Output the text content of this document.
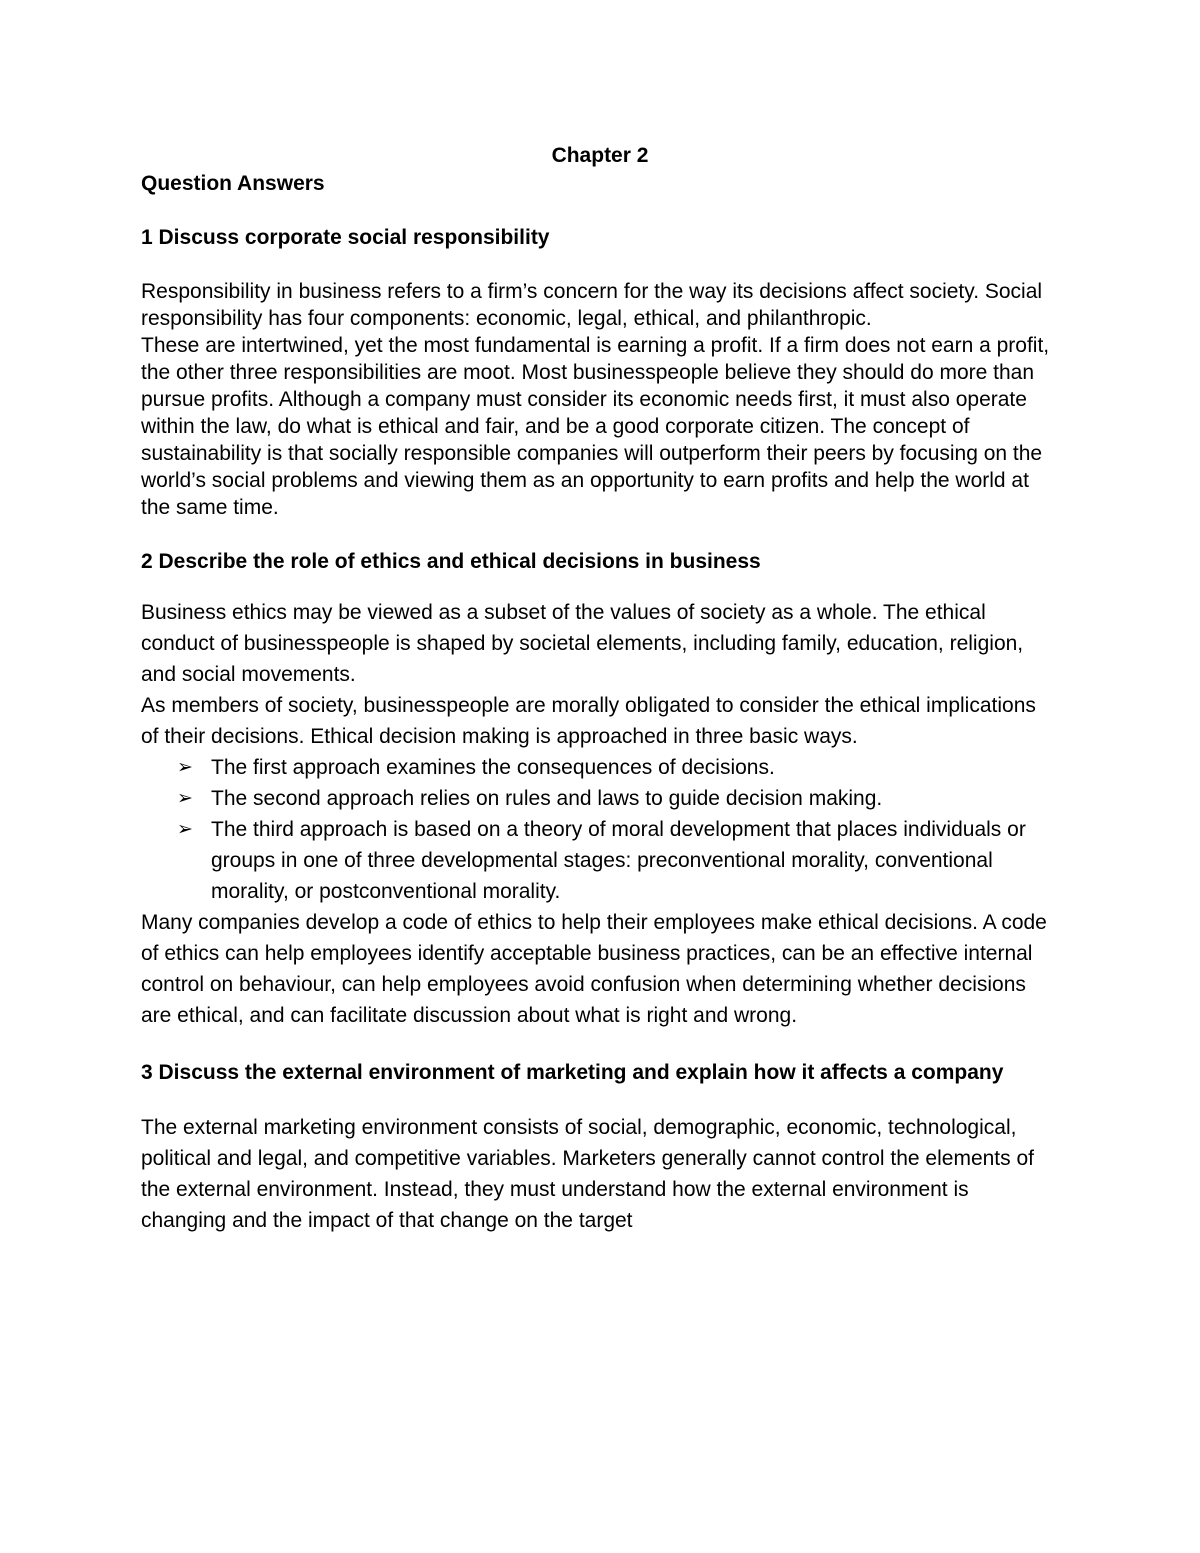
Chapter 2

Question Answers

1 Discuss corporate social responsibility

Responsibility in business refers to a firm’s concern for the way its decisions affect society. Social responsibility has four components: economic, legal, ethical, and philanthropic.

These are intertwined, yet the most fundamental is earning a profit. If a firm does not earn a profit, the other three responsibilities are moot. Most businesspeople believe they should do more than pursue profits. Although a company must consider its economic needs first, it must also operate within the law, do what is ethical and fair, and be a good corporate citizen. The concept of sustainability is that socially responsible companies will outperform their peers by focusing on the world’s social problems and viewing them as an opportunity to earn profits and help the world at the same time.

2 Describe the role of ethics and ethical decisions in business

Business ethics may be viewed as a subset of the values of society as a whole. The ethical conduct of businesspeople is shaped by societal elements, including family, education, religion, and social movements.

As members of society, businesspeople are morally obligated to consider the ethical implications of their decisions. Ethical decision making is approached in three basic ways.

➢ The first approach examines the consequences of decisions.
➢ The second approach relies on rules and laws to guide decision making.
➢ The third approach is based on a theory of moral development that places individuals or groups in one of three developmental stages: preconventional morality, conventional morality, or postconventional morality.

Many companies develop a code of ethics to help their employees make ethical decisions. A code of ethics can help employees identify acceptable business practices, can be an effective internal control on behaviour, can help employees avoid confusion when determining whether decisions are ethical, and can facilitate discussion about what is right and wrong.

3 Discuss the external environment of marketing and explain how it affects a company

The external marketing environment consists of social, demographic, economic, technological, political and legal, and competitive variables. Marketers generally cannot control the elements of the external environment. Instead, they must understand how the external environment is changing and the impact of that change on the target
